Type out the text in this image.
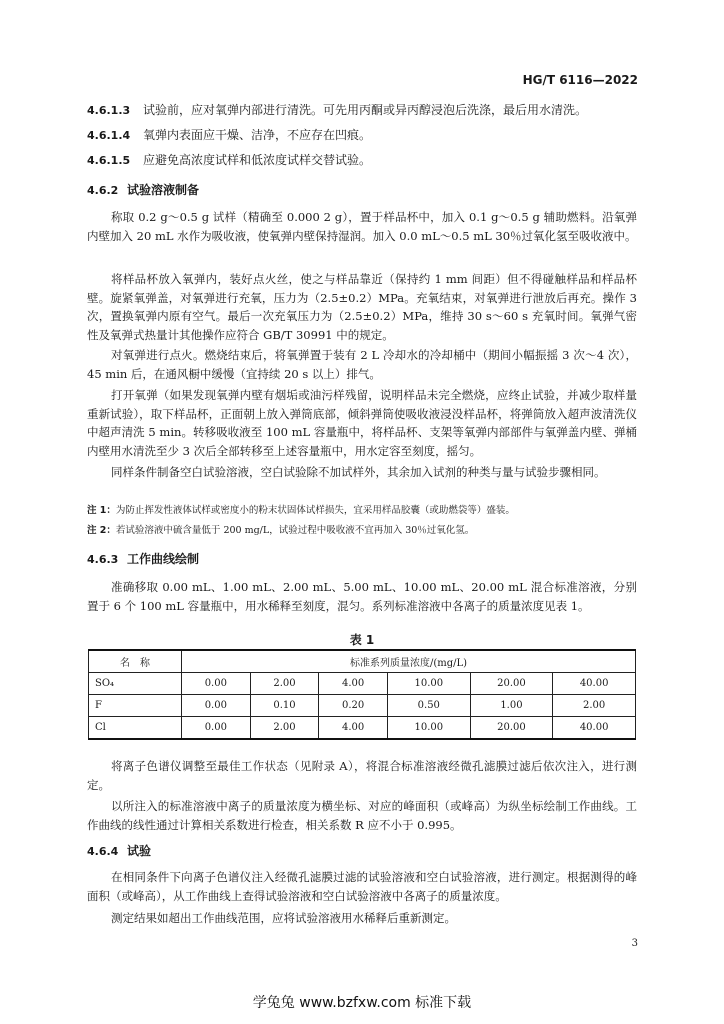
HG/T 6116—2022
4.6.1.3 试验前，应对氧弹内部进行清洗。可先用丙酮或异丙醇浸泡后洗涤，最后用水清洗。
4.6.1.4 氧弹内表面应干燥、洁净，不应存在凹痕。
4.6.1.5 应避免高浓度试样和低浓度试样交替试验。
4.6.2 试验溶液制备

称取 0.2 g～0.5 g 试样（精确至 0.000 2 g），置于样品杯中，加入 0.1 g～0.5 g 辅助燃料。沿氧弹内壁加入 20 mL 水作为吸收液，使氧弹内壁保持湿润。加入 0.0 mL～0.5 mL 30％过氧化氢至吸收液中。

将样品杯放入氧弹内，装好点火丝，使之与样品靠近（保持约 1 mm 间距）但不得碰触样品和样品杯壁。旋紧氧弹盖，对氧弹进行充氧，压力为（2.5±0.2）MPa。充氧结束，对氧弹进行泄放后再充。操作 3 次，置换氧弹内原有空气。最后一次充氧压力为（2.5±0.2）MPa，维持 30 s～60 s 充氧时间。氧弹气密性及氧弹式热量计其他操作应符合 GB/T 30991 中的规定。

对氧弹进行点火。燃烧结束后，将氧弹置于装有 2 L 冷却水的冷却桶中（期间小幅振摇 3 次～4 次），45 min 后，在通风橱中缓慢（宜持续 20 s 以上）排气。

打开氧弹（如果发现氧弹内壁有烟垢或油污样残留，说明样品未完全燃烧，应终止试验，并减少取样量重新试验），取下样品杯，正面朝上放入弹筒底部，倾斜弹筒使吸收液浸没样品杯，将弹筒放入超声波清洗仪中超声清洗 5 min。转移吸收液至 100 mL 容量瓶中，将样品杯、支架等氧弹内部部件与氧弹盖内壁、弹桶内壁用水清洗至少 3 次后全部转移至上述容量瓶中，用水定容至刻度，摇匀。

同样条件制备空白试验溶液，空白试验除不加试样外，其余加入试剂的种类与量与试验步骤相同。

注 1：为防止挥发性液体试样或密度小的粉末状固体试样损失，宜采用样品胶囊（或助燃袋等）盛装。
注 2：若试验溶液中硫含量低于 200 mg/L，试验过程中吸收液不宜再加入 30％过氧化氢。
4.6.3 工作曲线绘制

准确移取 0.00 mL、1.00 mL、2.00 mL、5.00 mL、10.00 mL、20.00 mL 混合标准溶液，分别置于 6 个 100 mL 容量瓶中，用水稀释至刻度，混匀。系列标准溶液中各离子的质量浓度见表 1。

表 1
名　称	标准系列质量浓度/(mg/L)					
SO₄	0.00	2.00	4.00	10.00	20.00	40.00
F	0.00	0.10	0.20	0.50	1.00	2.00
Cl	0.00	2.00	4.00	10.00	20.00	40.00

将离子色谱仪调整至最佳工作状态（见附录 A），将混合标准溶液经微孔滤膜过滤后依次注入，进行测定。

以所注入的标准溶液中离子的质量浓度为横坐标、对应的峰面积（或峰高）为纵坐标绘制工作曲线。工作曲线的线性通过计算相关系数进行检查，相关系数 R 应不小于 0.995。

4.6.4 试验

在相同条件下向离子色谱仪注入经微孔滤膜过滤的试验溶液和空白试验溶液，进行测定。根据测得的峰面积（或峰高），从工作曲线上查得试验溶液和空白试验溶液中各离子的质量浓度。

测定结果如超出工作曲线范围，应将试验溶液用水稀释后重新测定。

3
学兔兔 www.bzfxw.com 标准下载
